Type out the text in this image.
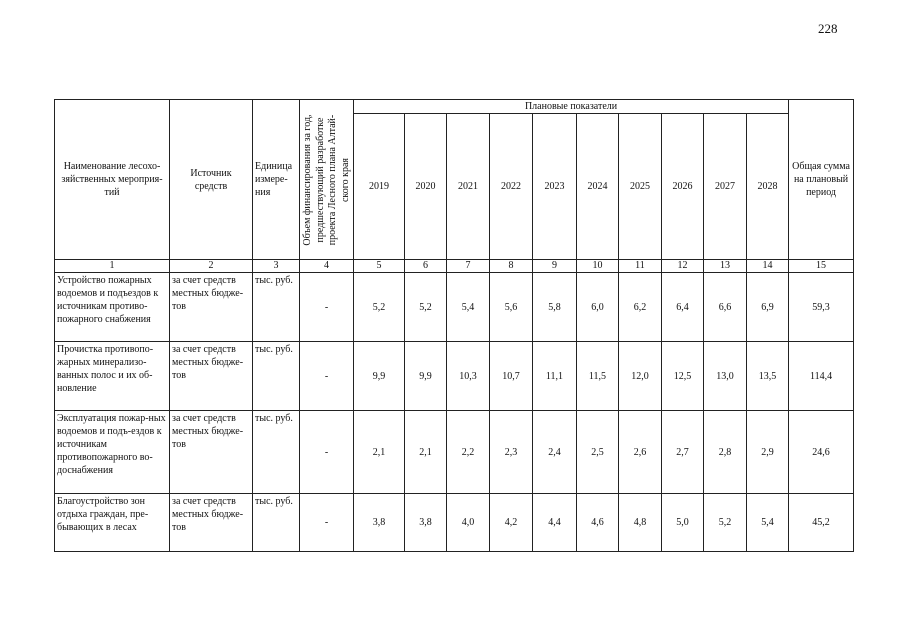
228
Наименование лесохо-зяйственных мероприя-тий	Источник средств	Единица измере-ния	Объем финансирования за год, предшествующий разработке проекта Лесного плана Алтай-ского края	Плановые показатели										Общая сумма на плановый период
				2019	2020	2021	2022	2023	2024	2025	2026	2027	2028	
1	2	3	4	5	6	7	8	9	10	11	12	13	14	15
Устройство пожарных водоемов и подъездов к источникам противо-пожарного снабжения	за счет средств местных бюдже-тов	тыс. руб.	-	5,2	5,2	5,4	5,6	5,8	6,0	6,2	6,4	6,6	6,9	59,3
Прочистка противопо-жарных минерализо-ванных полос и их об-новление	за счет средств местных бюдже-тов	тыс. руб.	-	9,9	9,9	10,3	10,7	11,1	11,5	12,0	12,5	13,0	13,5	114,4
Эксплуатация пожар-ных водоемов и подъ-ездов к источникам противопожарного во-доснабжения	за счет средств местных бюдже-тов	тыс. руб.	-	2,1	2,1	2,2	2,3	2,4	2,5	2,6	2,7	2,8	2,9	24,6
Благоустройство зон отдыха граждан, пре-бывающих в лесах	за счет средств местных бюдже-тов	тыс. руб.	-	3,8	3,8	4,0	4,2	4,4	4,6	4,8	5,0	5,2	5,4	45,2
